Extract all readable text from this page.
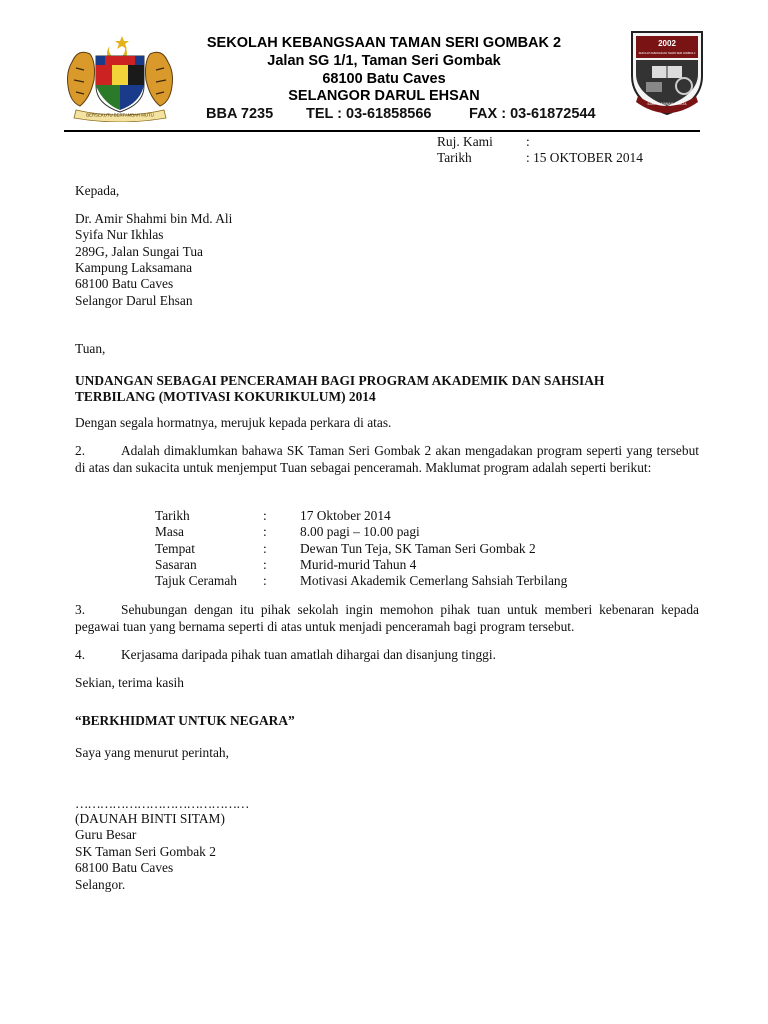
BERSEKUTU BERTAMBAH MUTU
2002
SEKOLAH KEBANGSAAN TAMAN SERI GOMBAK 2
ILMU • AMANAH • MULIA
SEKOLAH KEBANGSAAN TAMAN SERI GOMBAK 2
Jalan SG 1/1, Taman Seri Gombak
68100 Batu Caves
SELANGOR DARUL EHSAN
BBA 7235 TEL : 03-61858566	FAX : 03-61872544
Ruj. Kami :
Tarikh	: 15 OKTOBER 2014
Kepada,
Dr. Amir Shahmi bin Md. Ali
Syifa Nur Ikhlas
289G, Jalan Sungai Tua
Kampung Laksamana
68100 Batu Caves
Selangor Darul Ehsan
Tuan,
UNDANGAN SEBAGAI PENCERAMAH BAGI PROGRAM AKADEMIK DAN SAHSIAH
TERBILANG (MOTIVASI KOKURIKULUM) 2014
Dengan segala hormatnya, merujuk kepada perkara di atas.
2.	Adalah dimaklumkan bahawa SK Taman Seri Gombak 2 akan mengadakan program seperti yang tersebut di atas dan sukacita untuk menjemput Tuan sebagai penceramah. Maklumat program adalah seperti berikut:
Tarikh	: 17 Oktober 2014
Masa	: 8.00 pagi – 10.00 pagi
Tempat	: Dewan Tun Teja, SK Taman Seri Gombak 2
Sasaran	: Murid-murid Tahun 4
Tajuk Ceramah : Motivasi Akademik Cemerlang Sahsiah Terbilang
3.	Sehubungan dengan itu pihak sekolah ingin memohon pihak tuan untuk memberi kebenaran kepada pegawai tuan yang bernama seperti di atas untuk menjadi penceramah bagi program tersebut.
4.	Kerjasama daripada pihak tuan amatlah dihargai dan disanjung tinggi.
Sekian, terima kasih
“BERKHIDMAT UNTUK NEGARA”
Saya yang menurut perintah,
……………………………………
(DAUNAH BINTI SITAM)
Guru Besar
SK Taman Seri Gombak 2
68100 Batu Caves
Selangor.
